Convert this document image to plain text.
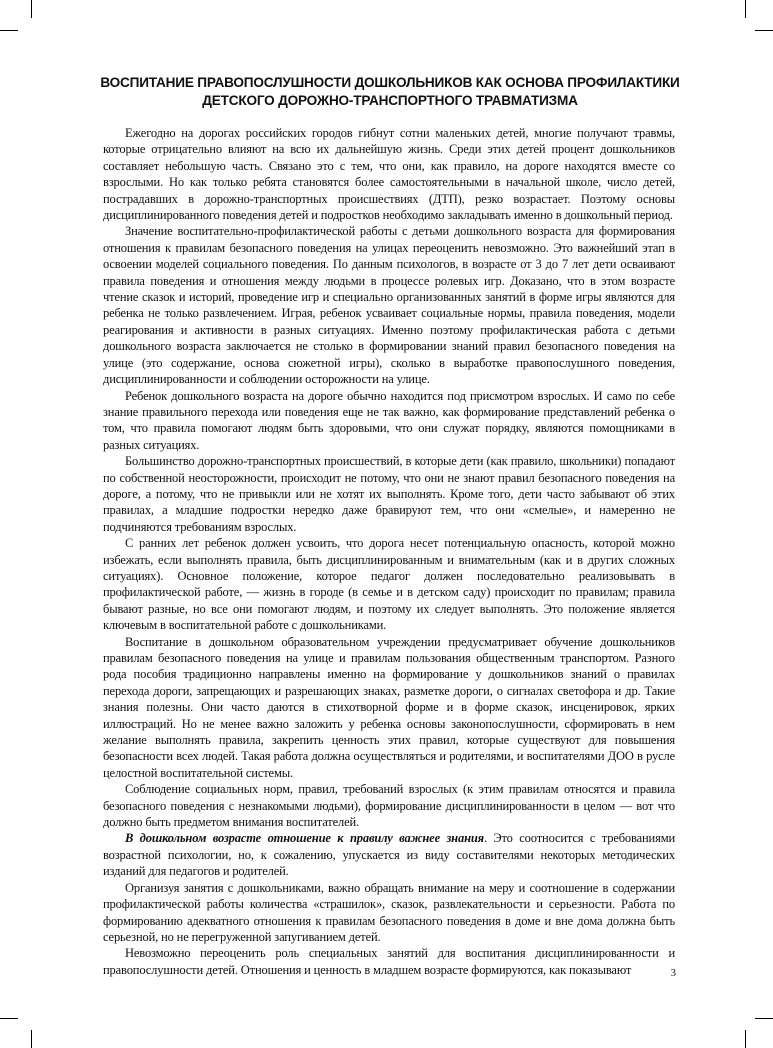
ВОСПИТАНИЕ ПРАВОПОСЛУШНОСТИ ДОШКОЛЬНИКОВ КАК ОСНОВА ПРОФИЛАКТИКИ
ДЕТСКОГО ДОРОЖНО-ТРАНСПОРТНОГО ТРАВМАТИЗМА

Ежегодно на дорогах российских городов гибнут сотни маленьких детей, многие получают травмы, которые отрицательно влияют на всю их дальнейшую жизнь. Среди этих детей процент дошкольников составляет небольшую часть. Связано это с тем, что они, как правило, на дороге находятся вместе со взрослыми. Но как только ребята становятся более самостоятельными в начальной школе, число детей, пострадавших в дорожно-транспортных происшествиях (ДТП), резко возрастает. Поэтому основы дисциплинированного поведения детей и подростков необходимо закладывать именно в дошкольный период.

Значение воспитательно-профилактической работы с детьми дошкольного возраста для формирования отношения к правилам безопасного поведения на улицах переоценить невозможно. Это важнейший этап в освоении моделей социального поведения. По данным психологов, в возрасте от 3 до 7 лет дети осваивают правила поведения и отношения между людьми в процессе ролевых игр. Доказано, что в этом возрасте чтение сказок и историй, проведение игр и специально организованных занятий в форме игры являются для ребенка не только развлечением. Играя, ребенок усваивает социальные нормы, правила поведения, модели реагирования и активности в разных ситуациях. Именно поэтому профилактическая работа с детьми дошкольного возраста заключается не столько в формировании знаний правил безопасного поведения на улице (это содержание, основа сюжетной игры), сколько в выработке правопослушного поведения, дисциплинированности и соблюдении осторожности на улице.

Ребенок дошкольного возраста на дороге обычно находится под присмотром взрослых. И само по себе знание правильного перехода или поведения еще не так важно, как формирование представлений ребенка о том, что правила помогают людям быть здоровыми, что они служат порядку, являются помощниками в разных ситуациях.

Большинство дорожно-транспортных происшествий, в которые дети (как правило, школьники) попадают по собственной неосторожности, происходит не потому, что они не знают правил безопасного поведения на дороге, а потому, что не привыкли или не хотят их выполнять. Кроме того, дети часто забывают об этих правилах, а младшие подростки нередко даже бравируют тем, что они «смелые», и намеренно не подчиняются требованиям взрослых.

С ранних лет ребенок должен усвоить, что дорога несет потенциальную опасность, которой можно избежать, если выполнять правила, быть дисциплинированным и внимательным (как и в других сложных ситуациях). Основное положение, которое педагог должен последовательно реализовывать в профилактической работе, — жизнь в городе (в семье и в детском саду) происходит по правилам; правила бывают разные, но все они помогают людям, и поэтому их следует выполнять. Это положение является ключевым в воспитательной работе с дошкольниками.

Воспитание в дошкольном образовательном учреждении предусматривает обучение дошкольников правилам безопасного поведения на улице и правилам пользования общественным транспортом. Разного рода пособия традиционно направлены именно на формирование у дошкольников знаний о правилах перехода дороги, запрещающих и разрешающих знаках, разметке дороги, о сигналах светофора и др. Такие знания полезны. Они часто даются в стихотворной форме и в форме сказок, инсценировок, ярких иллюстраций. Но не менее важно заложить у ребенка основы законопослушности, сформировать в нем желание выполнять правила, закрепить ценность этих правил, которые существуют для повышения безопасности всех людей. Такая работа должна осуществляться и родителями, и воспитателями ДОО в русле целостной воспитательной системы.

Соблюдение социальных норм, правил, требований взрослых (к этим правилам относятся и правила безопасного поведения с незнакомыми людьми), формирование дисциплинированности в целом — вот что должно быть предметом внимания воспитателей.

В дошкольном возрасте отношение к правилу важнее знания. Это соотносится с требованиями возрастной психологии, но, к сожалению, упускается из виду составителями некоторых методических изданий для педагогов и родителей.

Организуя занятия с дошкольниками, важно обращать внимание на меру и соотношение в содержании профилактической работы количества «страшилок», сказок, развлекательности и серьезности. Работа по формированию адекватного отношения к правилам безопасного поведения в доме и вне дома должна быть серьезной, но не перегруженной запугиванием детей.

Невозможно переоценить роль специальных занятий для воспитания дисциплинированности и правопослушности детей. Отношения и ценность в младшем возрасте формируются, как показывают	3
